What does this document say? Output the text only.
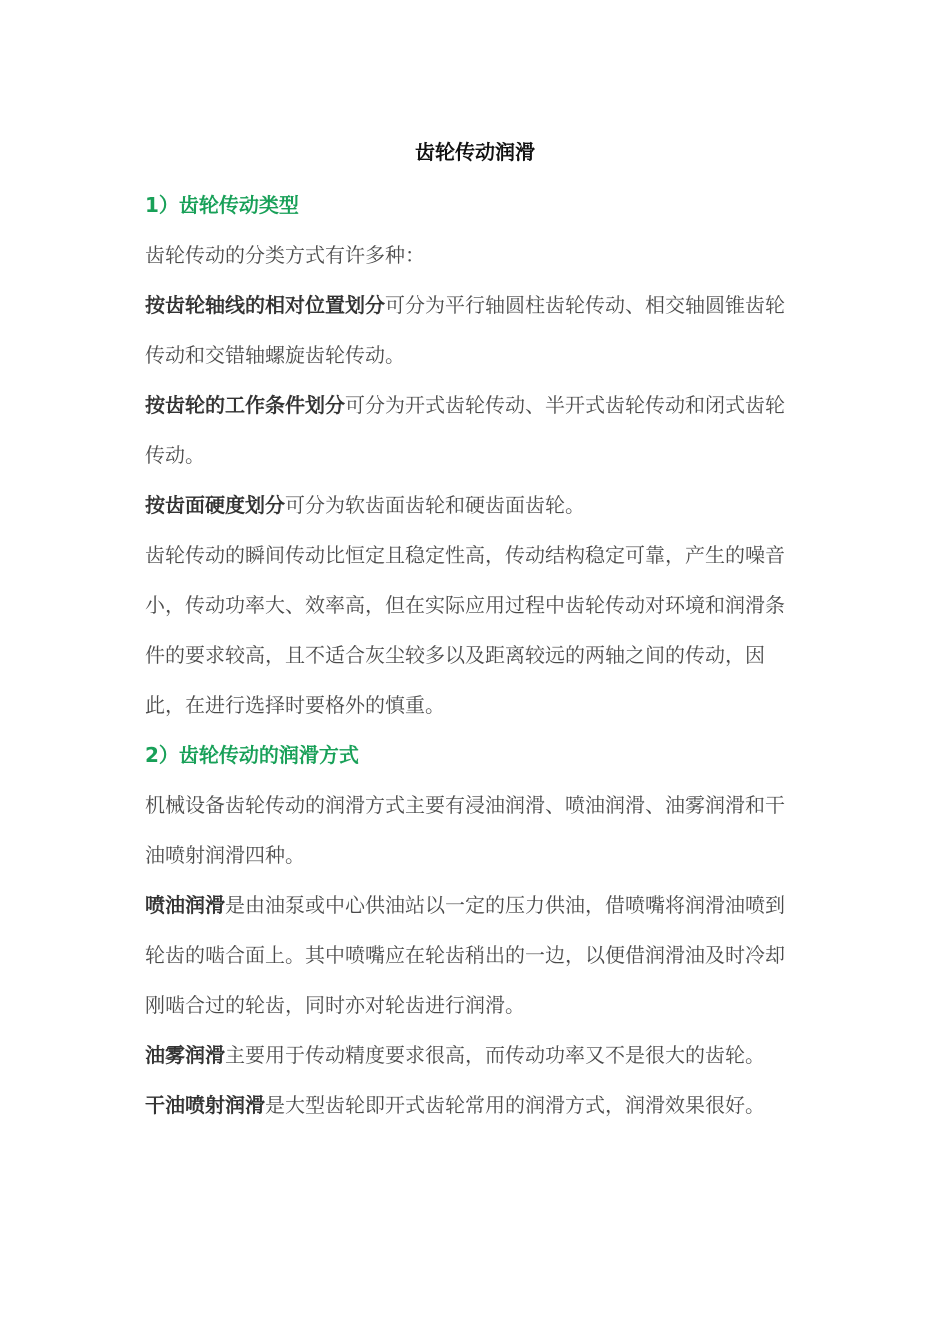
齿轮传动润滑

1）齿轮传动类型

齿轮传动的分类方式有许多种：

按齿轮轴线的相对位置划分可分为平行轴圆柱齿轮传动、相交轴圆锥齿轮传动和交错轴螺旋齿轮传动。

按齿轮的工作条件划分可分为开式齿轮传动、半开式齿轮传动和闭式齿轮传动。

按齿面硬度划分可分为软齿面齿轮和硬齿面齿轮。

齿轮传动的瞬间传动比恒定且稳定性高，传动结构稳定可靠，产生的噪音小，传动功率大、效率高，但在实际应用过程中齿轮传动对环境和润滑条件的要求较高，且不适合灰尘较多以及距离较远的两轴之间的传动，因此，在进行选择时要格外的慎重。

2）齿轮传动的润滑方式

机械设备齿轮传动的润滑方式主要有浸油润滑、喷油润滑、油雾润滑和干油喷射润滑四种。

喷油润滑是由油泵或中心供油站以一定的压力供油，借喷嘴将润滑油喷到轮齿的啮合面上。其中喷嘴应在轮齿稍出的一边，以便借润滑油及时冷却刚啮合过的轮齿，同时亦对轮齿进行润滑。

油雾润滑主要用于传动精度要求很高，而传动功率又不是很大的齿轮。

干油喷射润滑是大型齿轮即开式齿轮常用的润滑方式，润滑效果很好。
